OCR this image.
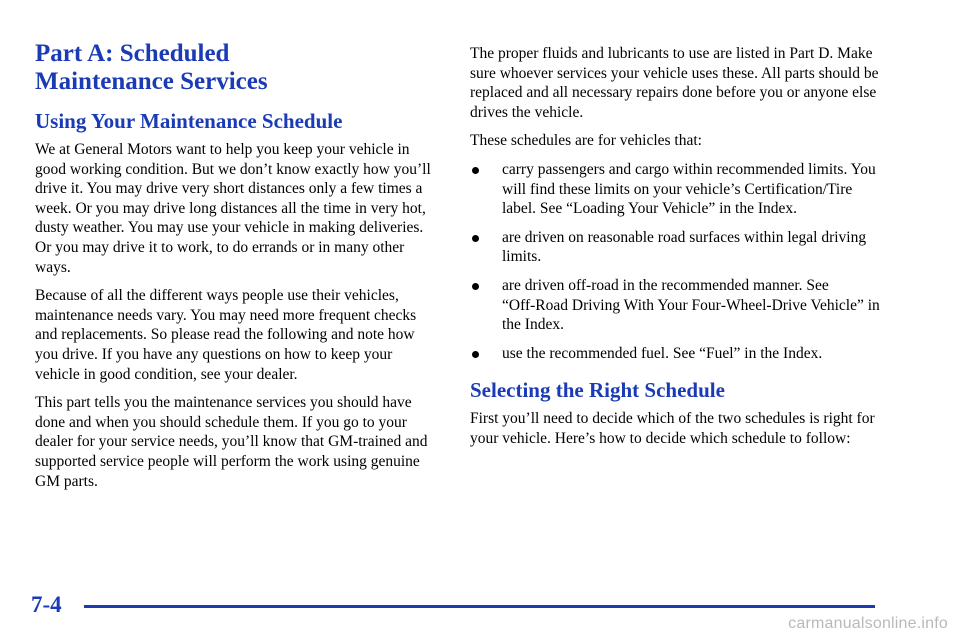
Part A: Scheduled
Maintenance Services
Using Your Maintenance Schedule

We at General Motors want to help you keep your vehicle in good working condition. But we don’t know exactly how you’ll drive it. You may drive very short distances only a few times a week. Or you may drive long distances all the time in very hot, dusty weather. You may use your vehicle in making deliveries. Or you may drive it to work, to do errands or in many other ways.

Because of all the different ways people use their vehicles, maintenance needs vary. You may need more frequent checks and replacements. So please read the following and note how you drive. If you have any questions on how to keep your vehicle in good condition, see your dealer.

This part tells you the maintenance services you should have done and when you should schedule them. If you go to your dealer for your service needs, you’ll know that GM‑trained and supported service people will perform the work using genuine GM parts.

The proper fluids and lubricants to use are listed in Part D. Make sure whoever services your vehicle uses these. All parts should be replaced and all necessary repairs done before you or anyone else drives the vehicle.

These schedules are for vehicles that:

carry passengers and cargo within recommended limits. You will find these limits on your vehicle’s Certification/Tire label. See “Loading Your Vehicle” in the Index.
are driven on reasonable road surfaces within legal driving limits.
are driven off‑road in the recommended manner. See “Off‑Road Driving With Your Four‑Wheel‑Drive Vehicle” in the Index.
use the recommended fuel. See “Fuel” in the Index.
Selecting the Right Schedule

First you’ll need to decide which of the two schedules is right for your vehicle. Here’s how to decide which schedule to follow:

7-4
carmanualsonline.info
